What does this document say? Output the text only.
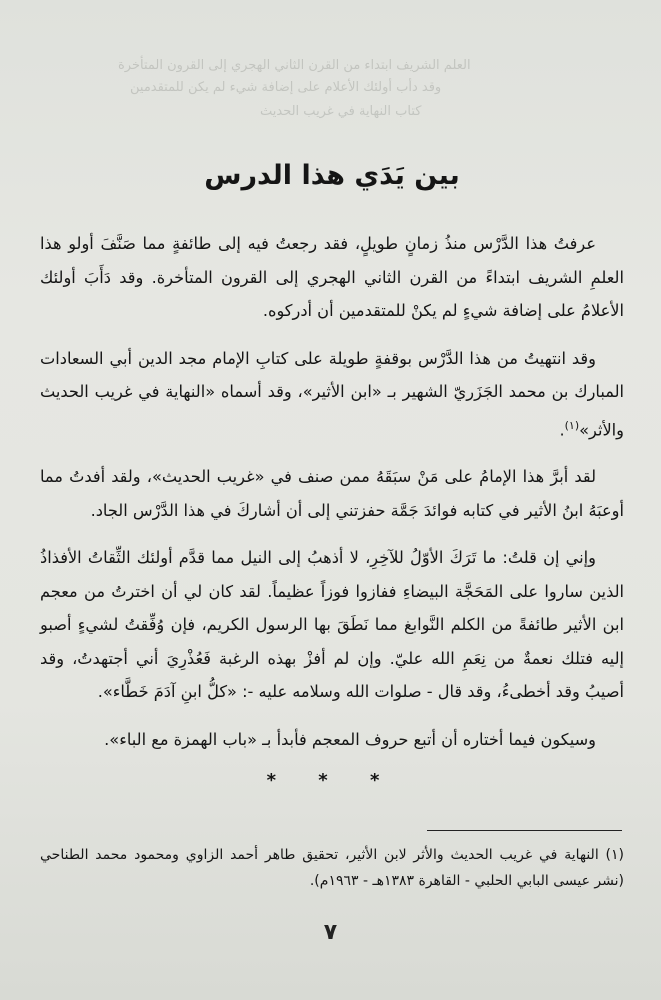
العلم الشريف ابتداء من القرن الثاني الهجري إلى القرون المتأخرة
وقد دأب أولئك الأعلام على إضافة شيء لم يكن للمتقدمين
كتاب النهاية في غريب الحديث
بين يَدَي هذا الدرس

عرفتُ هذا الدَّرْس منذُ زمانٍ طويلٍ، فقد رجعتُ فيه إلى طائفةٍ مما صَنَّفَ أولو هذا العلمِ الشريف ابتداءً من القرن الثاني الهجري إلى القرون المتأخرة. وقد دَأَبَ أولئك الأعلامُ على إضافة شيءٍ لم يكنْ للمتقدمين أن أدركوه.

وقد انتهيتُ من هذا الدَّرْس بوقفةٍ طويلة على كتابِ الإمام مجد الدين أبي السعادات المبارك بن محمد الجَزَريّ الشهير بـ «ابن الأثير»، وقد أسماه «النهاية في غريب الحديث والأثر»$^{(١)}$.

لقد أبرَّ هذا الإمامُ على مَنْ سبَقَهُ ممن صنف في «غريب الحديث»، ولقد أفدتُ مما أوعبَهُ ابنُ الأثير في كتابه فوائدَ جَمَّة حفزتني إلى أن أشاركَ في هذا الدَّرْس الجاد.

وإني إن قلتُ: ما تَرَكَ الأوّلُ للآخِرِ، لا أذهبُ إلى النيل مما قدَّم أولئك الثِّقاتُ الأفذاذُ الذين ساروا على المَحَجَّة البيضاءِ ففازوا فوزاً عظيماً. لقد كان لي أن اخترتُ من معجم ابن الأثير طائفةً من الكلم النَّوابغ مما نَطَقَ بها الرسول الكريم، فإن وُفِّقتُ لشيءٍ أصبو إليه فتلك نعمةٌ من نِعَمِ الله عليّ. وإن لم أفزْ بهذه الرغبة فَعُذْرِيَ أني أجتهدتُ، وقد أصيبُ وقد أخطىءُ، وقد قال - صلوات الله وسلامه عليه -: «كلُّ ابنِ آدَمَ خَطَّاء».

وسيكون فيما أختاره أن أتبع حروف المعجم فأبدأ بـ «باب الهمزة مع الباء».

* * *
(١) النهاية في غريب الحديث والأثر لابن الأثير، تحقيق طاهر أحمد الزاوي ومحمود محمد الطناحي (نشر عيسى البابي الحلبي - القاهرة ١٣٨٣هـ - ١٩٦٣م).
٧
